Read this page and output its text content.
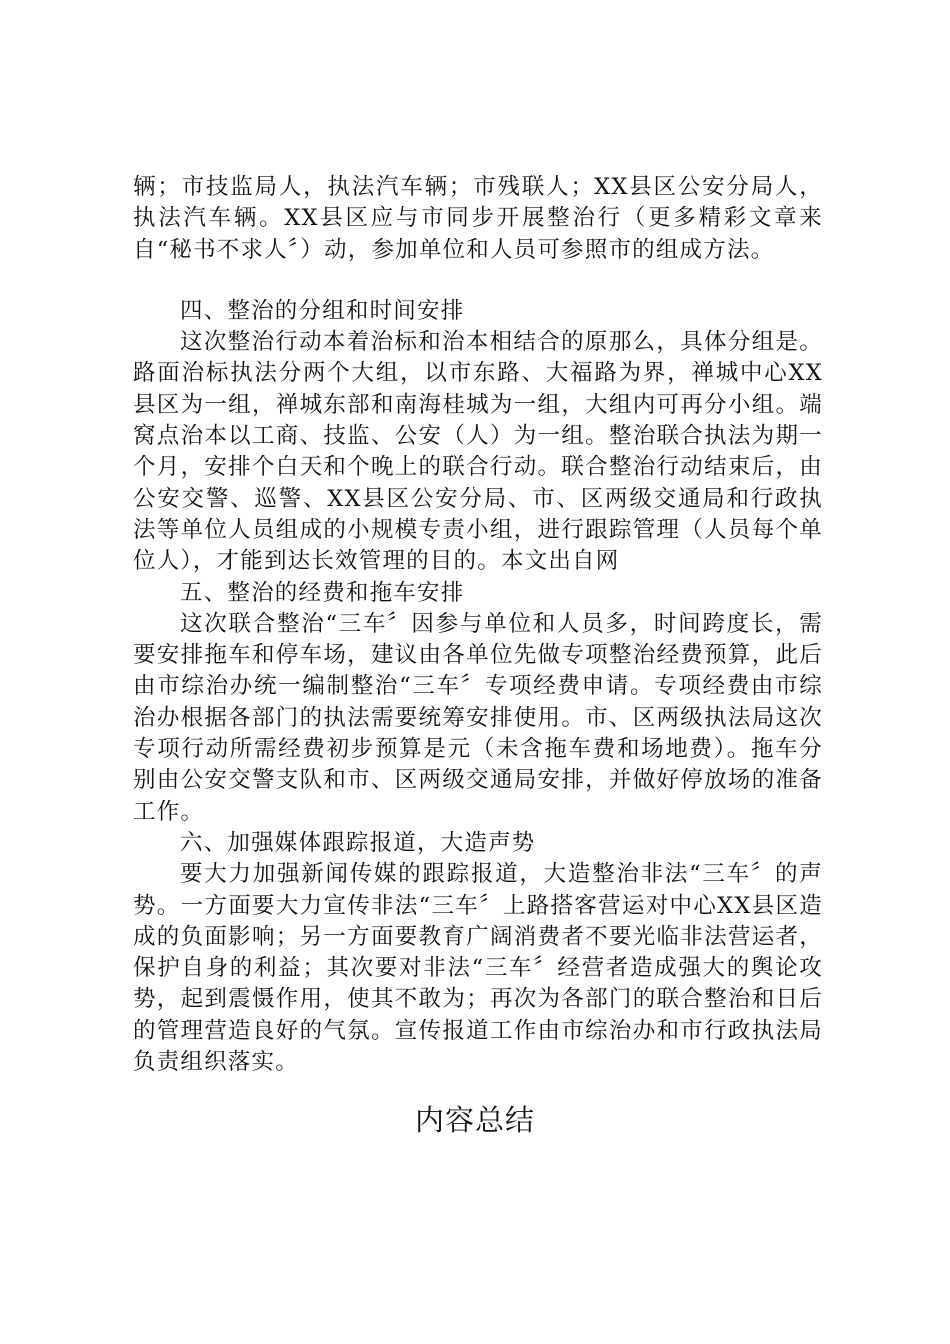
辆；市技监局人，执法汽车辆；市残联人；XX县区公安分局人，执法汽车辆。XX县区应与市同步开展整治行（更多精彩文章来自“秘书不求人〞）动，参加单位和人员可参照市的组成方法。

四、整治的分组和时间安排

这次整治行动本着治标和治本相结合的原那么，具体分组是。路面治标执法分两个大组，以市东路、大福路为界，禅城中心XX县区为一组，禅城东部和南海桂城为一组，大组内可再分小组。端窝点治本以工商、技监、公安（人）为一组。整治联合执法为期一个月，安排个白天和个晚上的联合行动。联合整治行动结束后，由公安交警、巡警、XX县区公安分局、市、区两级交通局和行政执法等单位人员组成的小规模专责小组，进行跟踪管理（人员每个单位人），才能到达长效管理的目的。本文出自网

五、整治的经费和拖车安排

这次联合整治“三车〞因参与单位和人员多，时间跨度长，需要安排拖车和停车场，建议由各单位先做专项整治经费预算，此后由市综治办统一编制整治“三车〞专项经费申请。专项经费由市综治办根据各部门的执法需要统筹安排使用。市、区两级执法局这次专项行动所需经费初步预算是元（未含拖车费和场地费）。拖车分别由公安交警支队和市、区两级交通局安排，并做好停放场的准备工作。

六、加强媒体跟踪报道，大造声势

要大力加强新闻传媒的跟踪报道，大造整治非法“三车〞的声势。一方面要大力宣传非法“三车〞上路搭客营运对中心XX县区造成的负面影响；另一方面要教育广阔消费者不要光临非法营运者，保护自身的利益；其次要对非法“三车〞经营者造成强大的舆论攻势，起到震慑作用，使其不敢为；再次为各部门的联合整治和日后的管理营造良好的气氛。宣传报道工作由市综治办和市行政执法局负责组织落实。

内容总结
